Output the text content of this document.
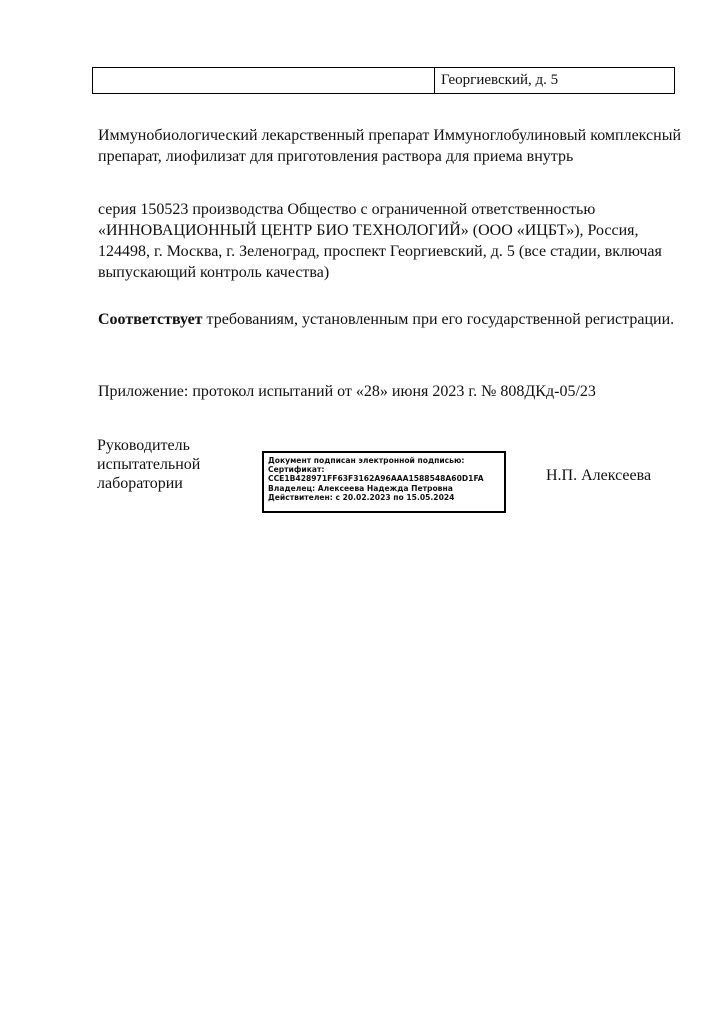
Георгиевский, д. 5
Иммунобиологический лекарственный препарат Иммуноглобулиновый комплексный препарат, лиофилизат для приготовления раствора для приема внутрь
серия 150523 производства Общество с ограниченной ответственностью «ИННОВАЦИОННЫЙ ЦЕНТР БИО ТЕХНОЛОГИЙ» (ООО «ИЦБТ»), Россия, 124498, г. Москва, г. Зеленоград, проспект Георгиевский, д. 5 (все стадии, включая выпускающий контроль качества)
Соответствует требованиям, установленным при его государственной регистрации.
Приложение: протокол испытаний от «28» июня 2023 г. № 808ДКд-05/23
Руководитель испытательной лаборатории
Документ подписан электронной подписью:
Сертификат:
CCE1B428971FF63F3162A96AAA1588548A60D1FA
Владелец: Алексеева Надежда Петровна
Действителен: с 20.02.2023 по 15.05.2024
Н.П. Алексеева
